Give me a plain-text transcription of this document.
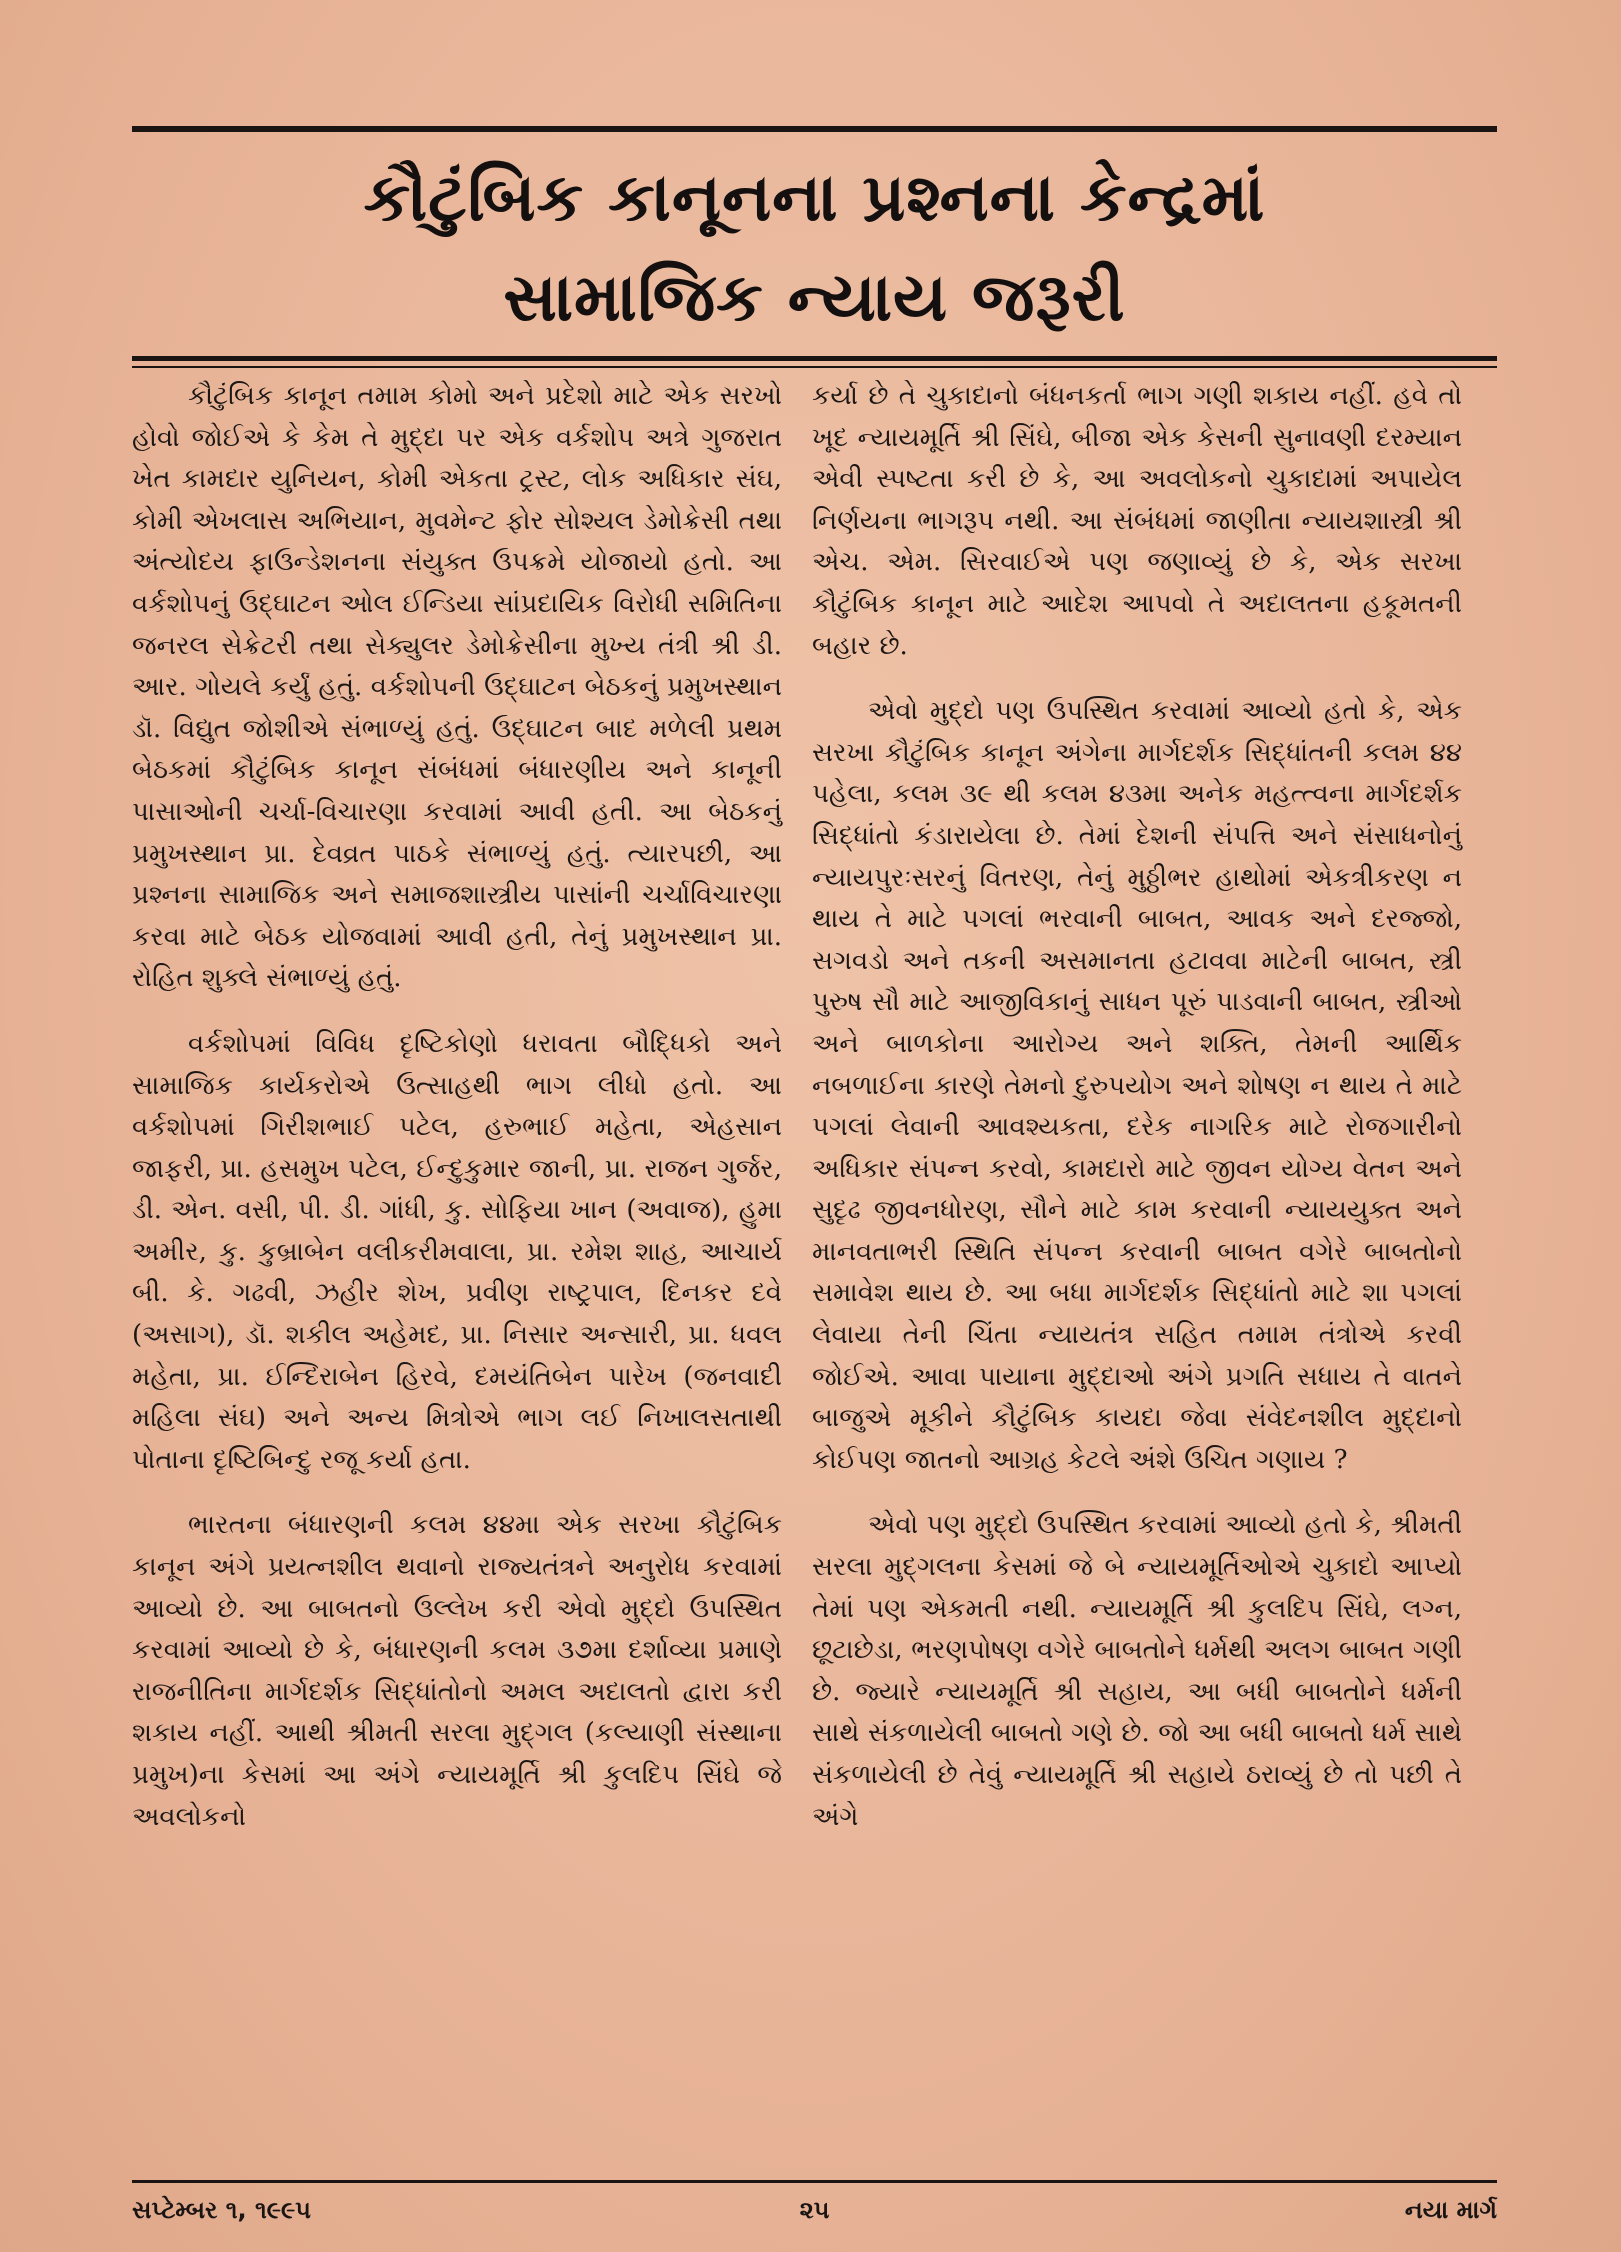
કૌટુંબિક કાનૂનના પ્રશ્નના કેન્દ્રમાં
સામાજિક ન્યાય જરૂરી

કૌટુંબિક કાનૂન તમામ કોમો અને પ્રદેશો માટે એક સરખો હોવો જોઈએ કે કેમ તે મુદ્દા પર એક વર્કશોપ અત્રે ગુજરાત ખેત કામદાર યુનિયન, કોમી એકતા ટ્રસ્ટ, લોક અધિકાર સંઘ, કોમી એખલાસ અભિયાન, મુવમેન્ટ ફોર સોશ્યલ ડેમોક્રેસી તથા અંત્યોદય ફાઉન્ડેશનના સંયુક્ત ઉપક્રમે યોજાયો હતો. આ વર્કશોપનું ઉદ્‌ઘાટન ઓલ ઈન્ડિયા સાંપ્રદાયિક વિરોધી સમિતિના જનરલ સેક્રેટરી તથા સેક્યુલર ડેમોક્રેસીના મુખ્ય તંત્રી શ્રી ડી. આર. ગોયલે કર્યું હતું. વર્કશોપની ઉદ્‌ઘાટન બેઠકનું પ્રમુખસ્થાન ડૉ. વિદ્યુત જોશીએ સંભાળ્યું હતું. ઉદ્‌ઘાટન બાદ મળેલી પ્રથમ બેઠકમાં કૌટુંબિક કાનૂન સંબંધમાં બંધારણીય અને કાનૂની પાસાઓની ચર્ચા-વિચારણા કરવામાં આવી હતી. આ બેઠકનું પ્રમુખસ્થાન પ્રા. દેવવ્રત પાઠકે સંભાળ્યું હતું. ત્યારપછી, આ પ્રશ્નના સામાજિક અને સમાજશાસ્ત્રીય પાસાંની ચર્ચાવિચારણા કરવા માટે બેઠક યોજવામાં આવી હતી, તેનું પ્રમુખસ્થાન પ્રા. રોહિત શુક્લે સંભાળ્યું હતું.

વર્કશોપમાં વિવિધ દૃષ્ટિકોણો ધરાવતા બૌદ્ધિકો અને સામાજિક કાર્યકરોએ ઉત્સાહથી ભાગ લીધો હતો. આ વર્કશોપમાં ગિરીશભાઈ પટેલ, હરુભાઈ મહેતા, એહસાન જાફરી, પ્રા. હસમુખ પટેલ, ઈન્દુકુમાર જાની, પ્રા. રાજન ગુર્જર, ડી. એન. વસી, પી. ડી. ગાંધી, કુ. સોફિયા ખાન (અવાજ), હુમા અમીર, કુ. કુબ્રાબેન વલીકરીમવાલા, પ્રા. રમેશ શાહ, આચાર્ય બી. કે. ગઢવી, ઝહીર શેખ, પ્રવીણ રાષ્ટ્રપાલ, દિનકર દવે (અસાગ), ડૉ. શકીલ અહેમદ, પ્રા. નિસાર અન્સારી, પ્રા. ધવલ મહેતા, પ્રા. ઈન્દિરાબેન હિરવે, દમયંતિબેન પારેખ (જનવાદી મહિલા સંઘ) અને અન્ય મિત્રોએ ભાગ લઈ નિખાલસતાથી પોતાના દૃષ્ટિબિન્દુ રજૂ કર્યા હતા.

ભારતના બંધારણની કલમ ૪૪મા એક સરખા કૌટુંબિક કાનૂન અંગે પ્રયત્નશીલ થવાનો રાજ્યતંત્રને અનુરોધ કરવામાં આવ્યો છે. આ બાબતનો ઉલ્લેખ કરી એવો મુદ્દો ઉપસ્થિત કરવામાં આવ્યો છે કે, બંધારણની કલમ ૩૭મા દર્શાવ્યા પ્રમાણે રાજનીતિના માર્ગદર્શક સિદ્ધાંતોનો અમલ અદાલતો દ્વારા કરી શકાય નહીં. આથી શ્રીમતી સરલા મુદ્‌ગલ (કલ્યાણી સંસ્થાના પ્રમુખ)ના કેસમાં આ અંગે ન્યાયમૂર્તિ શ્રી કુલદિપ સિંઘે જે અવલોકનો

કર્યા છે તે ચુકાદાનો બંધનકર્તા ભાગ ગણી શકાય નહીં. હવે તો ખૂદ ન્યાયમૂર્તિ શ્રી સિંઘે, બીજા એક કેસની સુનાવણી દરમ્યાન એવી સ્પષ્ટતા કરી છે કે, આ અવલોકનો ચુકાદામાં અપાયેલ નિર્ણયના ભાગરૂપ નથી. આ સંબંધમાં જાણીતા ન્યાયશાસ્ત્રી શ્રી એચ. એમ. સિરવાઈએ પણ જણાવ્યું છે કે, એક સરખા કૌટુંબિક કાનૂન માટે આદેશ આપવો તે અદાલતના હકૂમતની બહાર છે.

એવો મુદ્દો પણ ઉપસ્થિત કરવામાં આવ્યો હતો કે, એક સરખા કૌટુંબિક કાનૂન અંગેના માર્ગદર્શક સિદ્ધાંતની કલમ ૪૪ પહેલા, કલમ ૩૯ થી કલમ ૪૩મા અનેક મહત્ત્વના માર્ગદર્શક સિદ્ધાંતો કંડારાયેલા છે. તેમાં દેશની સંપત્તિ અને સંસાધનોનું ન્યાયપુરઃસરનું વિતરણ, તેનું મુઠ્ઠીભર હાથોમાં એકત્રીકરણ ન થાય તે માટે પગલાં ભરવાની બાબત, આવક અને દરજ્જો, સગવડો અને તકની અસમાનતા હટાવવા માટેની બાબત, સ્ત્રી પુરુષ સૌ માટે આજીવિકાનું સાધન પૂરું પાડવાની બાબત, સ્ત્રીઓ અને બાળકોના આરોગ્ય અને શક્તિ, તેમની આર્થિક નબળાઈના કારણે તેમનો દુરુપયોગ અને શોષણ ન થાય તે માટે પગલાં લેવાની આવશ્યકતા, દરેક નાગરિક માટે રોજગારીનો અધિકાર સંપન્ન કરવો, કામદારો માટે જીવન યોગ્ય વેતન અને સુદૃઢ જીવનધોરણ, સૌને માટે કામ કરવાની ન્યાયયુક્ત અને માનવતાભરી સ્થિતિ સંપન્ન કરવાની બાબત વગેરે બાબતોનો સમાવેશ થાય છે. આ બધા માર્ગદર્શક સિદ્ધાંતો માટે શા પગલાં લેવાયા તેની ચિંતા ન્યાયતંત્ર સહિત તમામ તંત્રોએ કરવી જોઈએ. આવા પાયાના મુદ્દાઓ અંગે પ્રગતિ સધાય તે વાતને બાજુએ મૂકીને કૌટુંબિક કાયદા જેવા સંવેદનશીલ મુદ્દાનો કોઈપણ જાતનો આગ્રહ કેટલે અંશે ઉચિત ગણાય ?

એવો પણ મુદ્દો ઉપસ્થિત કરવામાં આવ્યો હતો કે, શ્રીમતી સરલા મુદ્‌ગલના કેસમાં જે બે ન્યાયમૂર્તિઓએ ચુકાદો આપ્યો તેમાં પણ એકમતી નથી. ન્યાયમૂર્તિ શ્રી કુલદિપ સિંઘે, લગ્ન, છૂટાછેડા, ભરણપોષણ વગેરે બાબતોને ધર્મથી અલગ બાબત ગણી છે. જ્યારે ન્યાયમૂર્તિ શ્રી સહાય, આ બધી બાબતોને ધર્મની સાથે સંકળાયેલી બાબતો ગણે છે. જો આ બધી બાબતો ધર્મ સાથે સંકળાયેલી છે તેવું ન્યાયમૂર્તિ શ્રી સહાયે ઠરાવ્યું છે તો પછી તે અંગે

સપ્ટેમ્બર ૧, ૧૯૯૫	૨૫	નયા માર્ગ
